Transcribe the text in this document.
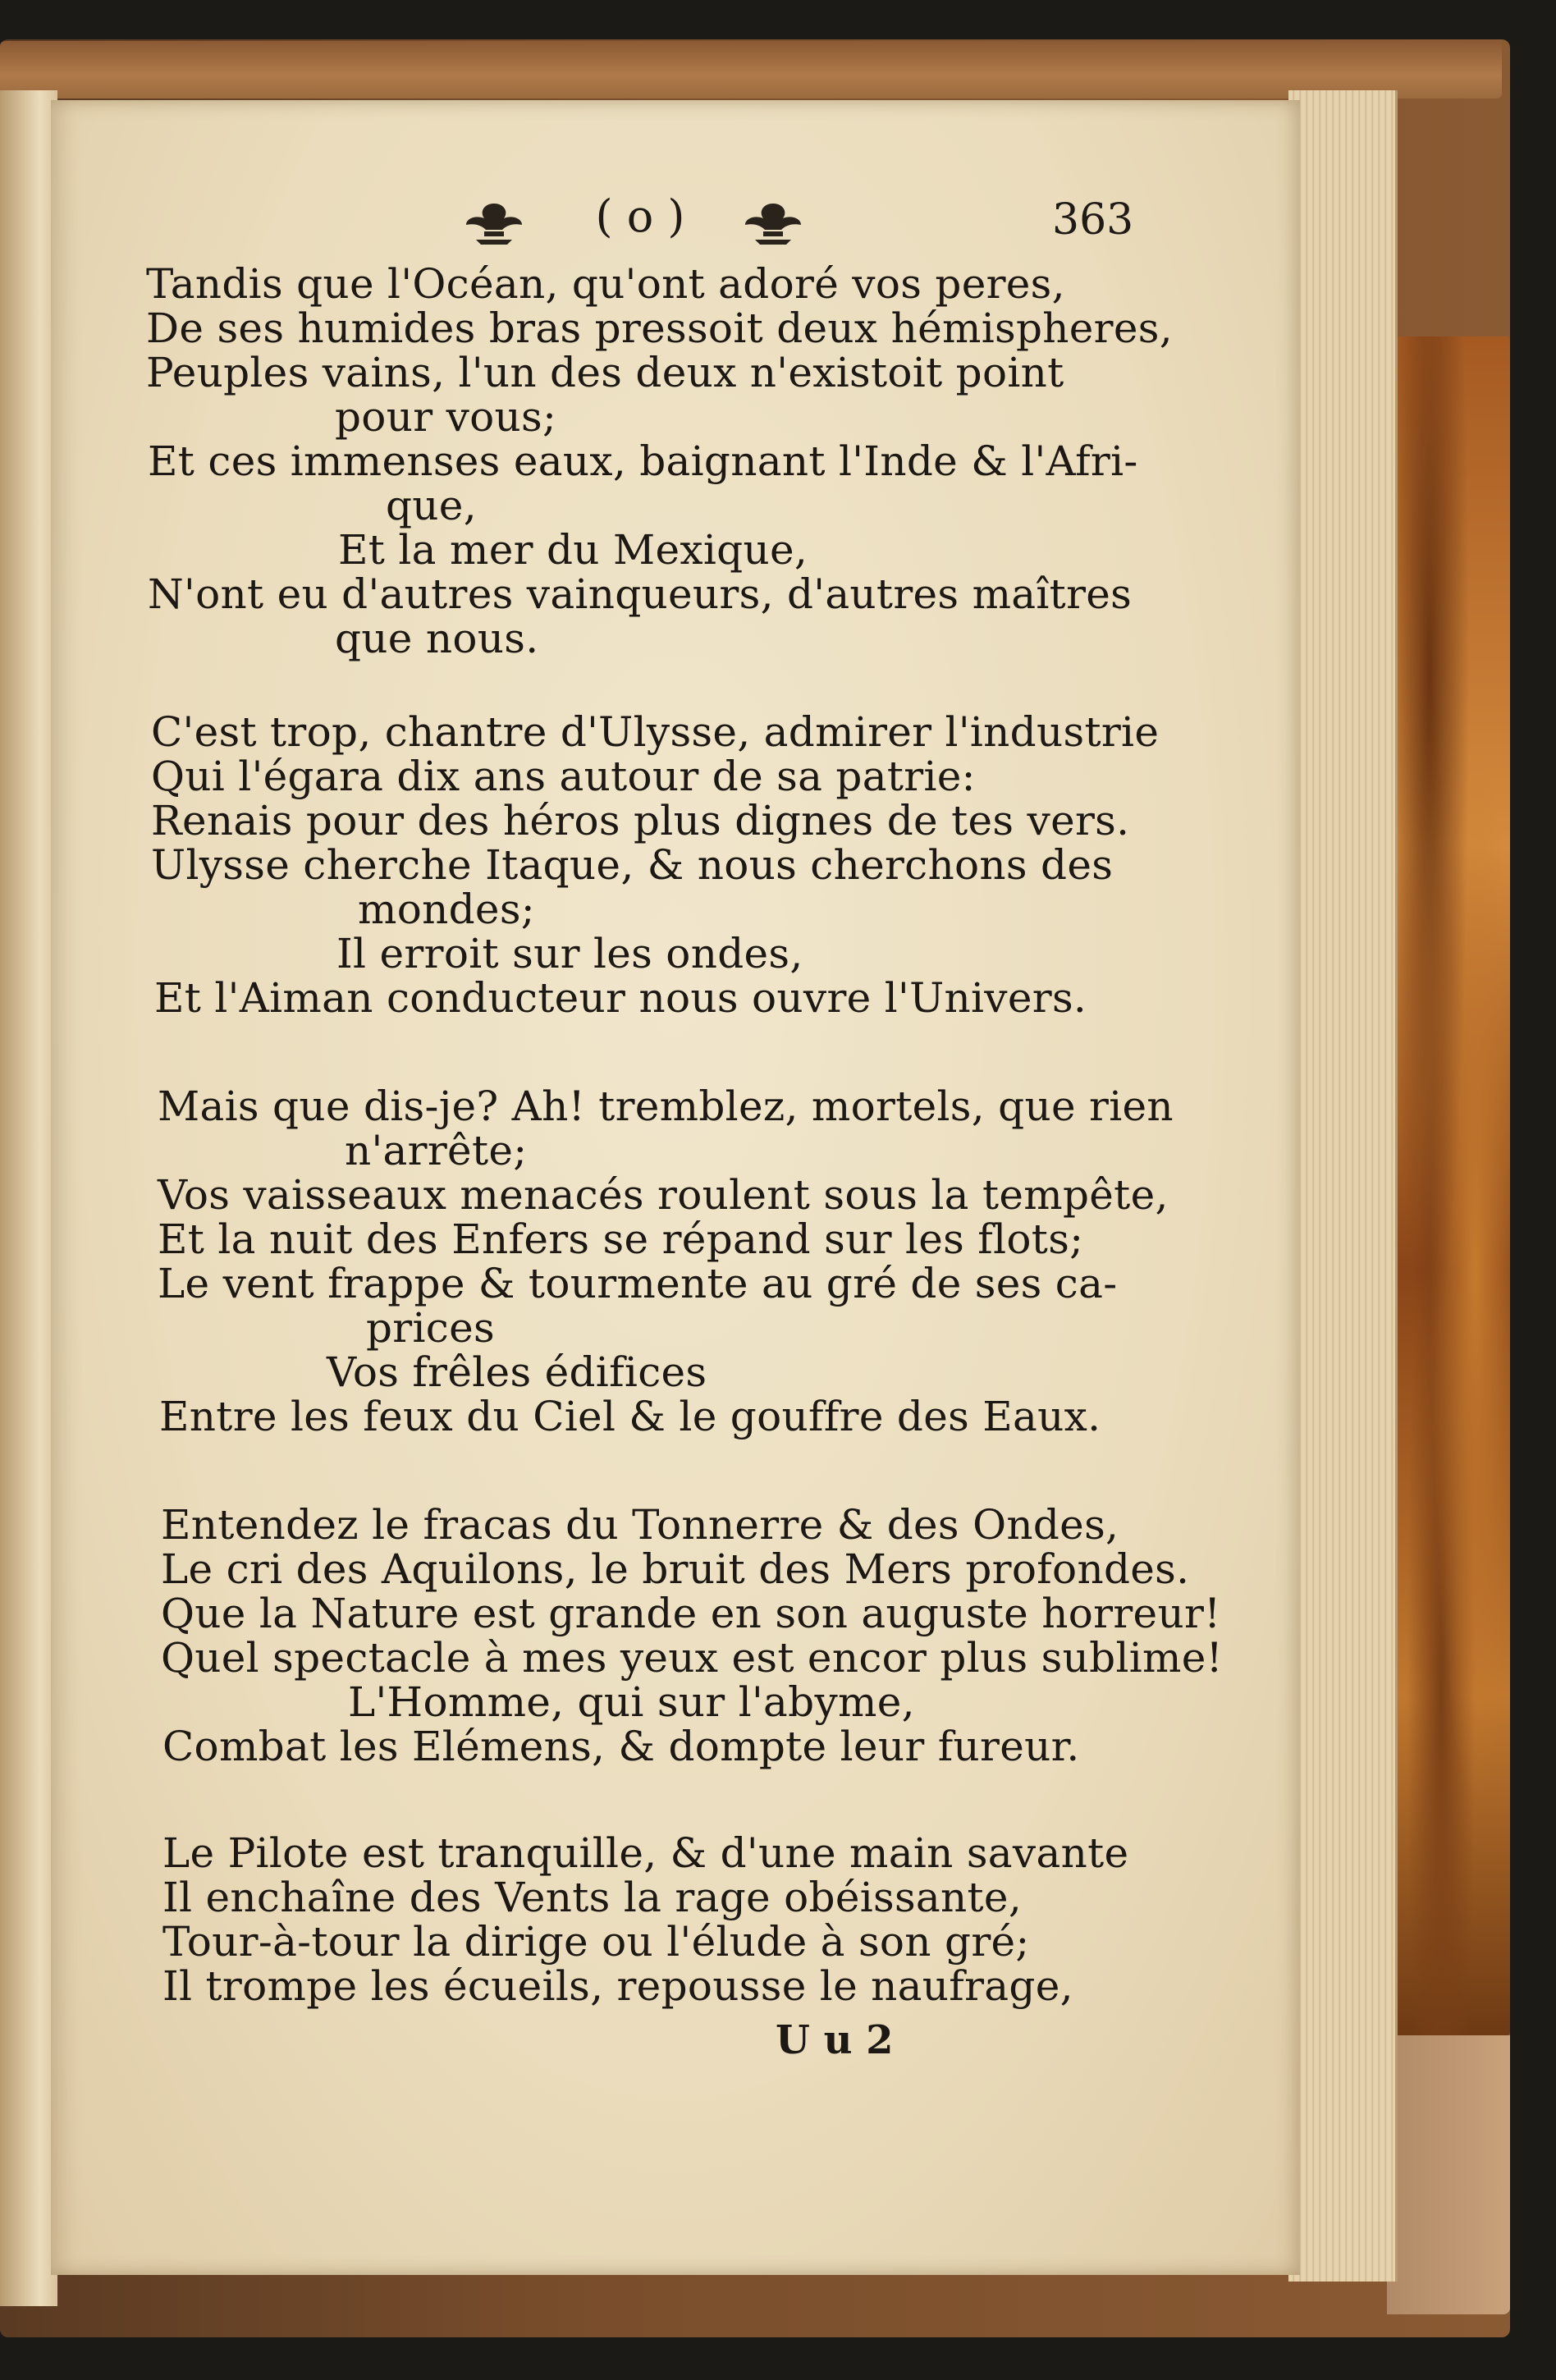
( o )	363
Tandis que l'Océan, qu'ont adoré vos peres,
De ses humides bras pressoit deux hémispheres,
Peuples vains, l'un des deux n'existoit point
pour vous;
Et ces immenses eaux, baignant l'Inde & l'Afri-
que,
Et la mer du Mexique,
N'ont eu d'autres vainqueurs, d'autres maîtres
que nous.
C'est trop, chantre d'Ulysse, admirer l'industrie
Qui l'égara dix ans autour de sa patrie:
Renais pour des héros plus dignes de tes vers.
Ulysse cherche Itaque, & nous cherchons des
mondes;
Il erroit sur les ondes,
Et l'Aiman conducteur nous ouvre l'Univers.
Mais que dis-je? Ah! tremblez, mortels, que rien
n'arrête;
Vos vaisseaux menacés roulent sous la tempête,
Et la nuit des Enfers se répand sur les flots;
Le vent frappe & tourmente au gré de ses ca-
prices
Vos frêles édifices
Entre les feux du Ciel & le gouffre des Eaux.
Entendez le fracas du Tonnerre & des Ondes,
Le cri des Aquilons, le bruit des Mers profondes.
Que la Nature est grande en son auguste horreur!
Quel spectacle à mes yeux est encor plus sublime!
L'Homme, qui sur l'abyme,
Combat les Elémens, & dompte leur fureur.
Le Pilote est tranquille, & d'une main savante
Il enchaîne des Vents la rage obéissante,
Tour-à-tour la dirige ou l'élude à son gré;
Il trompe les écueils, repousse le naufrage,
U u 2
